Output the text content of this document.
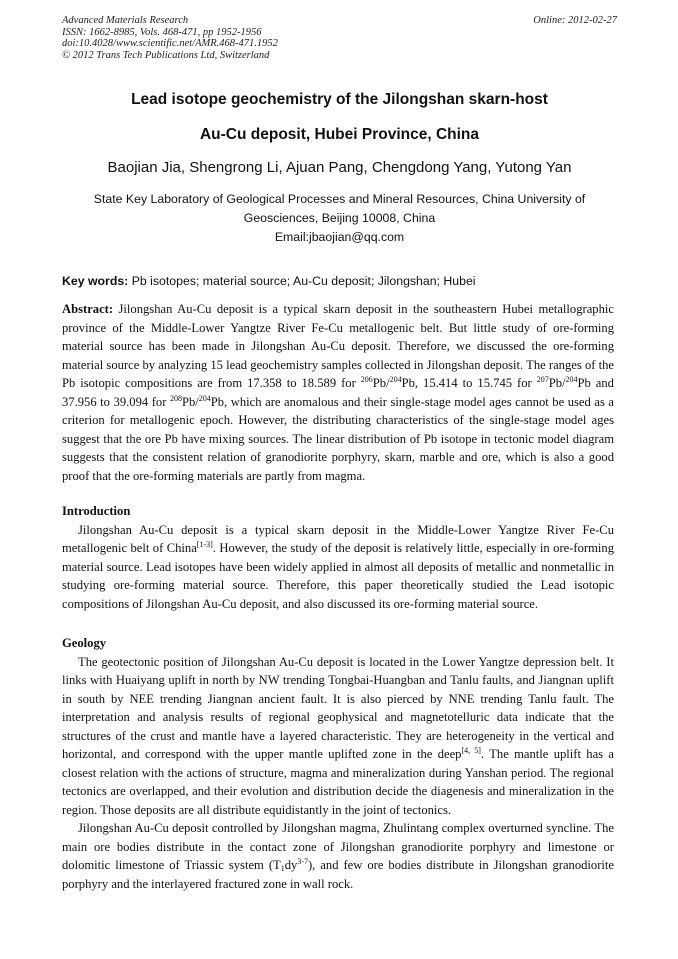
Advanced Materials Research
ISSN: 1662-8985, Vols. 468-471, pp 1952-1956
doi:10.4028/www.scientific.net/AMR.468-471.1952
© 2012 Trans Tech Publications Ltd, Switzerland
Online: 2012-02-27
Lead isotope geochemistry of the Jilongshan skarn-host
Au-Cu deposit, Hubei Province, China

Baojian Jia, Shengrong Li, Ajuan Pang, Chengdong Yang, Yutong Yan

State Key Laboratory of Geological Processes and Mineral Resources, China University of
Geosciences, Beijing 10008, China

Email:jbaojian@qq.com

Key words: Pb isotopes; material source; Au-Cu deposit; Jilongshan; Hubei

Abstract: Jilongshan Au-Cu deposit is a typical skarn deposit in the southeastern Hubei metallographic province of the Middle-Lower Yangtze River Fe-Cu metallogenic belt. But little study of ore-forming material source has been made in Jilongshan Au-Cu deposit. Therefore, we discussed the ore-forming material source by analyzing 15 lead geochemistry samples collected in Jilongshan deposit. The ranges of the Pb isotopic compositions are from 17.358 to 18.589 for $^{206}$Pb/$^{204}$Pb, 15.414 to 15.745 for $^{207}$Pb/$^{204}$Pb and 37.956 to 39.094 for $^{208}$Pb/$^{204}$Pb, which are anomalous and their single-stage model ages cannot be used as a criterion for metallogenic epoch. However, the distributing characteristics of the single-stage model ages suggest that the ore Pb have mixing sources. The linear distribution of Pb isotope in tectonic model diagram suggests that the consistent relation of granodiorite porphyry, skarn, marble and ore, which is also a good proof that the ore-forming materials are partly from magma.

Introduction

Jilongshan Au-Cu deposit is a typical skarn deposit in the Middle-Lower Yangtze River Fe-Cu metallogenic belt of China[1-3]. However, the study of the deposit is relatively little, especially in ore-forming material source. Lead isotopes have been widely applied in almost all deposits of metallic and nonmetallic in studying ore-forming material source. Therefore, this paper theoretically studied the Lead isotopic compositions of Jilongshan Au-Cu deposit, and also discussed its ore-forming material source.

Geology

The geotectonic position of Jilongshan Au-Cu deposit is located in the Lower Yangtze depression belt. It links with Huaiyang uplift in north by NW trending Tongbai-Huangban and Tanlu faults, and Jiangnan uplift in south by NEE trending Jiangnan ancient fault. It is also pierced by NNE trending Tanlu fault. The interpretation and analysis results of regional geophysical and magnetotelluric data indicate that the structures of the crust and mantle have a layered characteristic. They are heterogeneity in the vertical and horizontal, and correspond with the upper mantle uplifted zone in the deep[4, 5]. The mantle uplift has a closest relation with the actions of structure, magma and mineralization during Yanshan period. The regional tectonics are overlapped, and their evolution and distribution decide the diagenesis and mineralization in the region. Those deposits are all distribute equidistantly in the joint of tectonics.

Jilongshan Au-Cu deposit controlled by Jilongshan magma, Zhulintang complex overturned syncline. The main ore bodies distribute in the contact zone of Jilongshan granodiorite porphyry and limestone or dolomitic limestone of Triassic system $(T_1dy^{3-7})$, and few ore bodies distribute in Jilongshan granodiorite porphyry and the interlayered fractured zone in wall rock.
